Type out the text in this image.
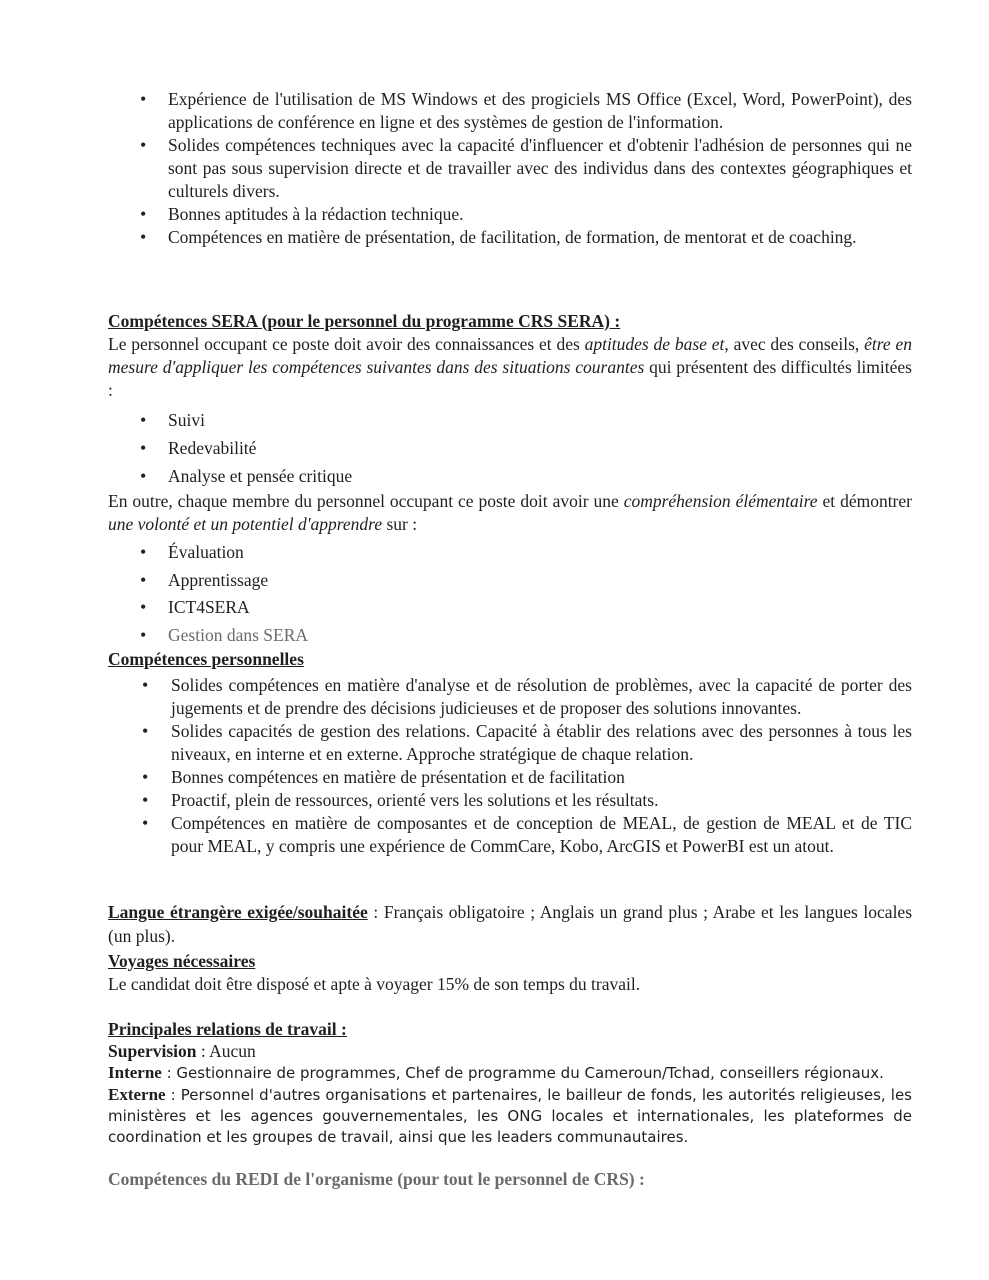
• Expérience de l'utilisation de MS Windows et des progiciels MS Office (Excel, Word, PowerPoint), des applications de conférence en ligne et des systèmes de gestion de l'information.
• Solides compétences techniques avec la capacité d'influencer et d'obtenir l'adhésion de personnes qui ne sont pas sous supervision directe et de travailler avec des individus dans des contextes géographiques et culturels divers.
• Bonnes aptitudes à la rédaction technique.
• Compétences en matière de présentation, de facilitation, de formation, de mentorat et de coaching.

Compétences SERA (pour le personnel du programme CRS SERA) :

Le personnel occupant ce poste doit avoir des connaissances et des aptitudes de base et, avec des conseils, être en mesure d'appliquer les compétences suivantes dans des situations courantes qui présentent des difficultés limitées :

• Suivi
• Redevabilité
• Analyse et pensée critique

En outre, chaque membre du personnel occupant ce poste doit avoir une compréhension élémentaire et démontrer une volonté et un potentiel d'apprendre sur :

• Évaluation
• Apprentissage
• ICT4SERA
• Gestion dans SERA

Compétences personnelles

• Solides compétences en matière d'analyse et de résolution de problèmes, avec la capacité de porter des jugements et de prendre des décisions judicieuses et de proposer des solutions innovantes.
• Solides capacités de gestion des relations. Capacité à établir des relations avec des personnes à tous les niveaux, en interne et en externe. Approche stratégique de chaque relation.
• Bonnes compétences en matière de présentation et de facilitation
• Proactif, plein de ressources, orienté vers les solutions et les résultats.
• Compétences en matière de composantes et de conception de MEAL, de gestion de MEAL et de TIC pour MEAL, y compris une expérience de CommCare, Kobo, ArcGIS et PowerBI est un atout.

Langue étrangère exigée/souhaitée : Français obligatoire ; Anglais un grand plus ; Arabe et les langues locales (un plus).

Voyages nécessaires

Le candidat doit être disposé et apte à voyager 15% de son temps du travail.

Principales relations de travail :

Supervision : Aucun

Interne : Gestionnaire de programmes, Chef de programme du Cameroun/Tchad, conseillers régionaux.

Externe : Personnel d'autres organisations et partenaires, le bailleur de fonds, les autorités religieuses, les ministères et les agences gouvernementales, les ONG locales et internationales, les plateformes de coordination et les groupes de travail, ainsi que les leaders communautaires.

Compétences du REDI de l'organisme (pour tout le personnel de CRS) :
